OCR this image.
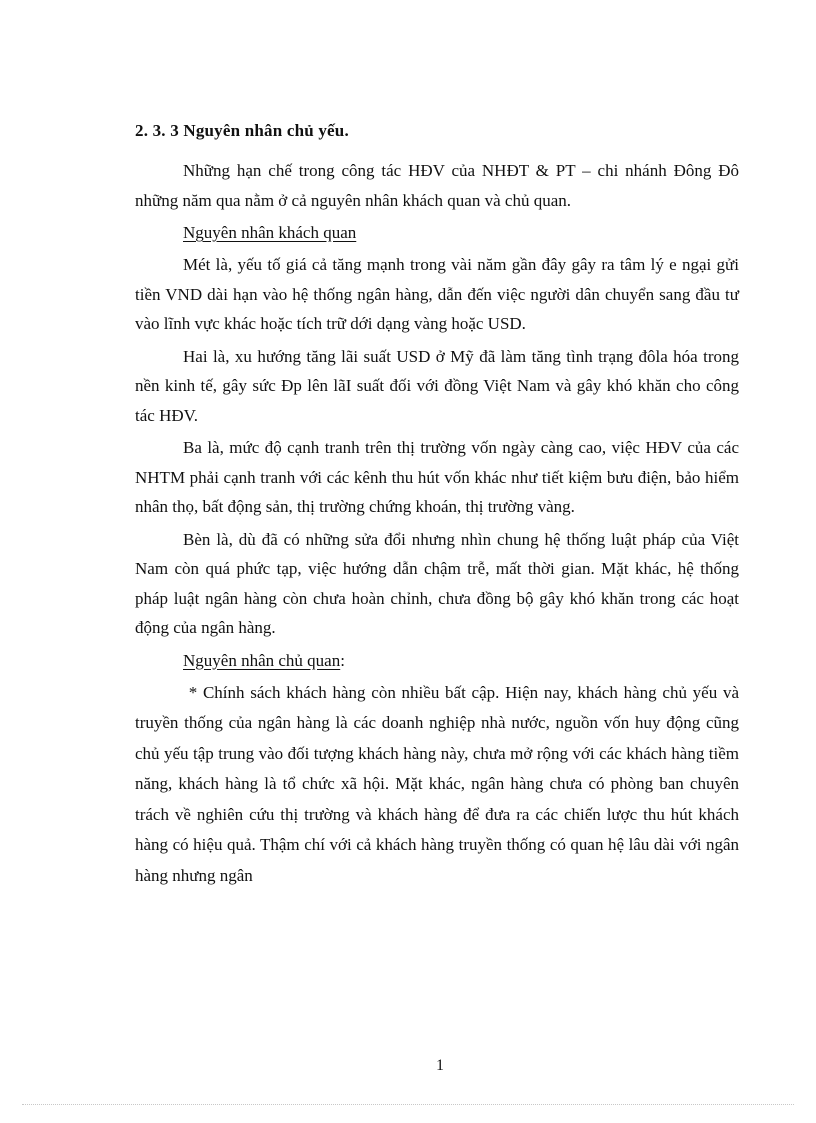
2. 3. 3 Nguyên nhân chủ yếu.

Những hạn chế trong công tác HĐV của NHĐT & PT – chi nhánh Đông Đô những năm qua nằm ở cả nguyên nhân khách quan và chủ quan.

Nguyên nhân khách quan

Mét là, yếu tố giá cả tăng mạnh trong vài năm gần đây gây ra tâm lý e ngại gửi tiền VND dài hạn vào hệ thống ngân hàng, dẫn đến việc người dân chuyển sang đầu tư vào lĩnh vực khác hoặc tích trữ dới dạng vàng hoặc USD.

Hai là, xu hướng tăng lãi suất USD ở Mỹ đã làm tăng tình trạng đôla hóa trong nền kinh tế, gây sức Ðp lên lãI suất đối với đồng Việt Nam và gây khó khăn cho công tác HĐV.

Ba là, mức độ cạnh tranh trên thị trường vốn ngày càng cao, việc HĐV của các NHTM phải cạnh tranh với các kênh thu hút vốn khác như tiết kiệm bưu điện, bảo hiểm nhân thọ, bất động sản, thị trường chứng khoán, thị trường vàng.

Bèn là, dù đã có những sửa đổi nhưng nhìn chung hệ thống luật pháp của Việt Nam còn quá phức tạp, việc hướng dẫn chậm trễ, mất thời gian. Mặt khác, hệ thống pháp luật ngân hàng còn chưa hoàn chỉnh, chưa đồng bộ gây khó khăn trong các hoạt động của ngân hàng.

Nguyên nhân chủ quan:

* Chính sách khách hàng còn nhiều bất cập. Hiện nay, khách hàng chủ yếu và truyền thống của ngân hàng là các doanh nghiệp nhà nước, nguồn vốn huy động cũng chủ yếu tập trung vào đối tượng khách hàng này, chưa mở rộng với các khách hàng tiềm năng, khách hàng là tổ chức xã hội. Mặt khác, ngân hàng chưa có phòng ban chuyên trách về nghiên cứu thị trường và khách hàng để đưa ra các chiến lược thu hút khách hàng có hiệu quả. Thậm chí với cả khách hàng truyền thống có quan hệ lâu dài với ngân hàng nhưng ngân

1
